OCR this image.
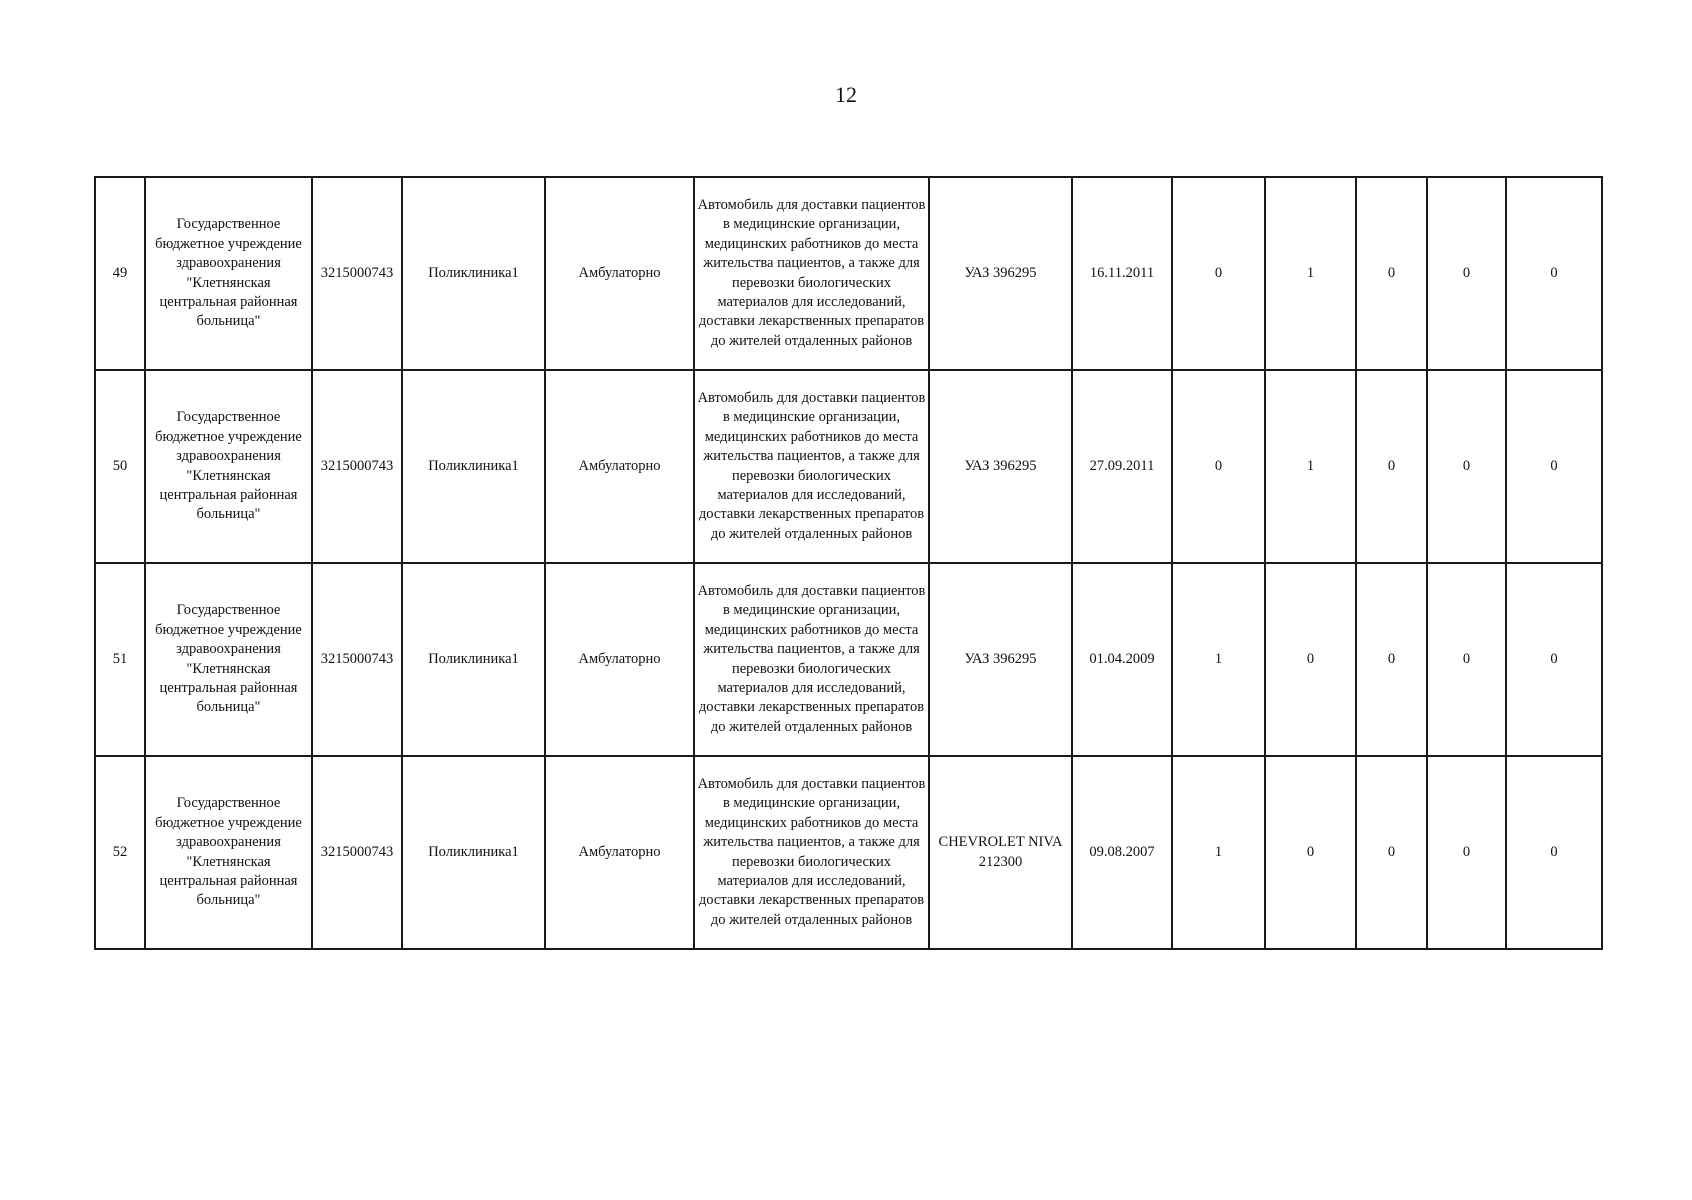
12
49	Государственное бюджетное учреждение здравоохранения "Клетнянская центральная районная больница"	3215000743	Поликлиника1	Амбулаторно	Автомобиль для доставки пациентов в медицинские организации, медицинских работников до места жительства пациентов, а также для перевозки биологических материалов для исследований, доставки лекарственных препаратов до жителей отдаленных районов	УАЗ 396295	16.11.2011	0	1	0	0	0
50	Государственное бюджетное учреждение здравоохранения "Клетнянская центральная районная больница"	3215000743	Поликлиника1	Амбулаторно	Автомобиль для доставки пациентов в медицинские организации, медицинских работников до места жительства пациентов, а также для перевозки биологических материалов для исследований, доставки лекарственных препаратов до жителей отдаленных районов	УАЗ 396295	27.09.2011	0	1	0	0	0
51	Государственное бюджетное учреждение здравоохранения "Клетнянская центральная районная больница"	3215000743	Поликлиника1	Амбулаторно	Автомобиль для доставки пациентов в медицинские организации, медицинских работников до места жительства пациентов, а также для перевозки биологических материалов для исследований, доставки лекарственных препаратов до жителей отдаленных районов	УАЗ 396295	01.04.2009	1	0	0	0	0
52	Государственное бюджетное учреждение здравоохранения "Клетнянская центральная районная больница"	3215000743	Поликлиника1	Амбулаторно	Автомобиль для доставки пациентов в медицинские организации, медицинских работников до места жительства пациентов, а также для перевозки биологических материалов для исследований, доставки лекарственных препаратов до жителей отдаленных районов	CHEVROLET NIVA 212300	09.08.2007	1	0	0	0	0
